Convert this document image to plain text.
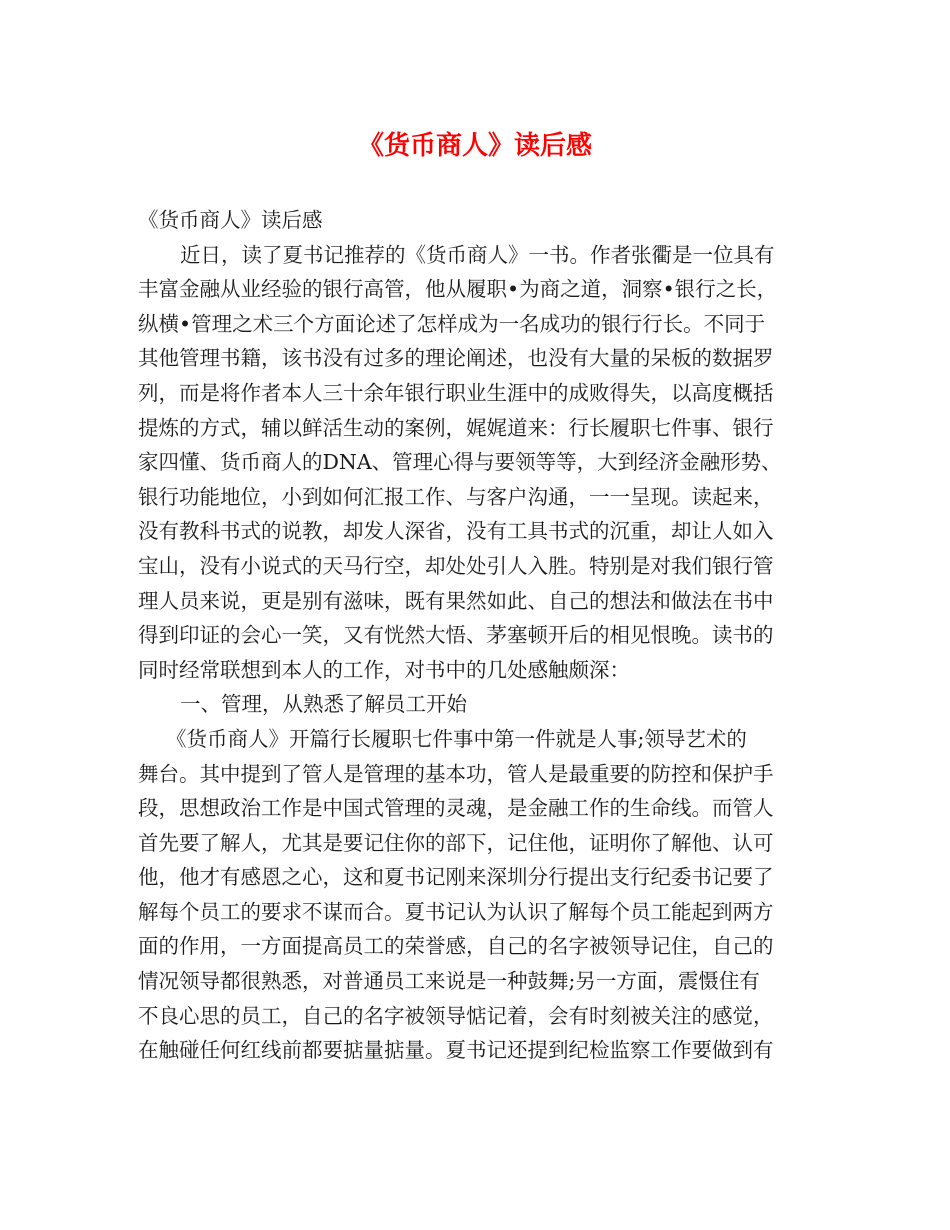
《货币商人》读后感
《货币商人》读后感
近日，读了夏书记推荐的《货币商人》一书。作者张衢是一位具有
丰富金融从业经验的银行高管，他从履职•为商之道，洞察•银行之长，
纵横•管理之术三个方面论述了怎样成为一名成功的银行行长。不同于
其他管理书籍，该书没有过多的理论阐述，也没有大量的呆板的数据罗
列，而是将作者本人三十余年银行职业生涯中的成败得失，以高度概括
提炼的方式，辅以鲜活生动的案例，娓娓道来：行长履职七件事、银行
家四懂、货币商人的DNA、管理心得与要领等等，大到经济金融形势、
银行功能地位，小到如何汇报工作、与客户沟通，一一呈现。读起来，
没有教科书式的说教，却发人深省，没有工具书式的沉重，却让人如入
宝山，没有小说式的天马行空，却处处引人入胜。特别是对我们银行管
理人员来说，更是别有滋味，既有果然如此、自己的想法和做法在书中
得到印证的会心一笑，又有恍然大悟、茅塞顿开后的相见恨晚。读书的
同时经常联想到本人的工作，对书中的几处感触颇深：
一、管理，从熟悉了解员工开始
《货币商人》开篇行长履职七件事中第一件就是人事;领导艺术的
舞台。其中提到了管人是管理的基本功，管人是最重要的防控和保护手
段，思想政治工作是中国式管理的灵魂，是金融工作的生命线。而管人
首先要了解人，尤其是要记住你的部下，记住他，证明你了解他、认可
他，他才有感恩之心，这和夏书记刚来深圳分行提出支行纪委书记要了
解每个员工的要求不谋而合。夏书记认为认识了解每个员工能起到两方
面的作用，一方面提高员工的荣誉感，自己的名字被领导记住，自己的
情况领导都很熟悉，对普通员工来说是一种鼓舞;另一方面，震慑住有
不良心思的员工，自己的名字被领导惦记着，会有时刻被关注的感觉，
在触碰任何红线前都要掂量掂量。夏书记还提到纪检监察工作要做到有
